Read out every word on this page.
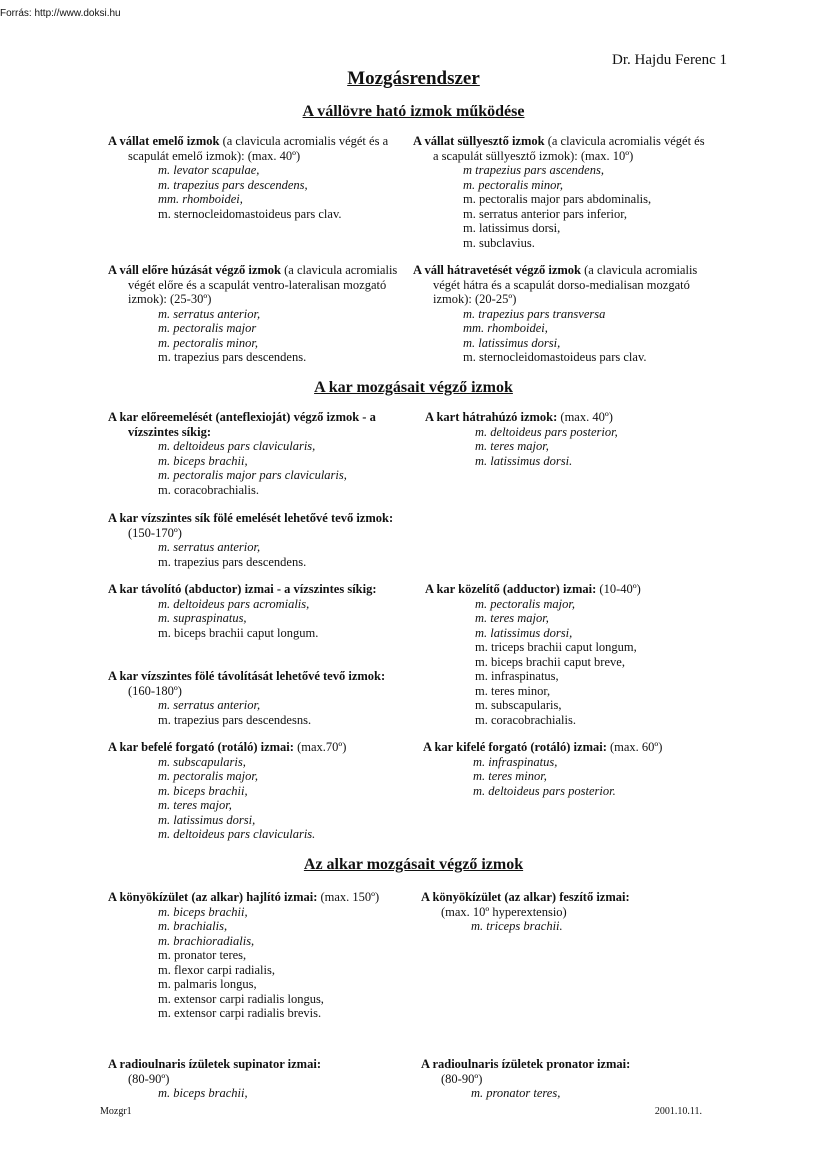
Forrás: http://www.doksi.hu
Dr. Hajdu Ferenc 1
Mozgásrendszer
A vállövre ható izmok működése
A vállat emelő izmok (a clavicula acromialis végét és a scapulát emelő izmok): (max. 40º)
m. levator scapulae,
m. trapezius pars descendens,
mm. rhomboidei,
m. sternocleidomastoideus pars clav.
A vállat süllyesztő izmok (a clavicula acromialis végét és a scapulát süllyesztő izmok): (max. 10º)
m trapezius pars ascendens,
m. pectoralis minor,
m. pectoralis major pars abdominalis,
m. serratus anterior pars inferior,
m. latissimus dorsi,
m. subclavius.
A váll előre húzását végző izmok (a clavicula acromialis végét előre és a scapulát ventro-lateralisan mozgató izmok): (25-30º)
m. serratus anterior,
m. pectoralis major
m. pectoralis minor,
m. trapezius pars descendens.
A váll hátravetését végző izmok (a clavicula acromialis végét hátra és a scapulát dorso-medialisan mozgató izmok): (20-25º)
m. trapezius pars transversa
mm. rhomboidei,
m. latissimus dorsi,
m. sternocleidomastoideus pars clav.
A kar mozgásait végző izmok
A kar előreemelését (anteflexioját) végző izmok - a vízszintes síkig:
m. deltoideus pars clavicularis,
m. biceps brachii,
m. pectoralis major pars clavicularis,
m. coracobrachialis.
A kart hátrahúzó izmok: (max. 40º)
m. deltoideus pars posterior,
m. teres major,
m. latissimus dorsi.
A kar vízszintes sík fölé emelését lehetővé tevő izmok: (150-170º)
m. serratus anterior,
m. trapezius pars descendens.
A kar távolító (abductor) izmai - a vízszintes síkig:
m. deltoideus pars acromialis,
m. supraspinatus,
m. biceps brachii caput longum.
A kar közelítő (adductor) izmai: (10-40º)
m. pectoralis major,
m. teres major,
m. latissimus dorsi,
m. triceps brachii caput longum,
m. biceps brachii caput breve,
m. infraspinatus,
m. teres minor,
m. subscapularis,
m. coracobrachialis.
A kar vízszintes fölé távolítását lehetővé tevő izmok: (160-180º)
m. serratus anterior,
m. trapezius pars descendesns.
A kar befelé forgató (rotáló) izmai: (max.70º)
m. subscapularis,
m. pectoralis major,
m. biceps brachii,
m. teres major,
m. latissimus dorsi,
m. deltoideus pars clavicularis.
A kar kifelé forgató (rotáló) izmai: (max. 60º)
m. infraspinatus,
m. teres minor,
m. deltoideus pars posterior.
Az alkar mozgásait végző izmok
A könyökízület (az alkar) hajlító izmai: (max. 150º)
m. biceps brachii,
m. brachialis,
m. brachioradialis,
m. pronator teres,
m. flexor carpi radialis,
m. palmaris longus,
m. extensor carpi radialis longus,
m. extensor carpi radialis brevis.
A könyökízület (az alkar) feszítő izmai:
(max. 10º hyperextensio)
m. triceps brachii.
A radioulnaris ízületek supinator izmai:
(80-90º)
m. biceps brachii,
A radioulnaris ízületek pronator izmai:
(80-90º)
m. pronator teres,
Mozgr1	2001.10.11.
